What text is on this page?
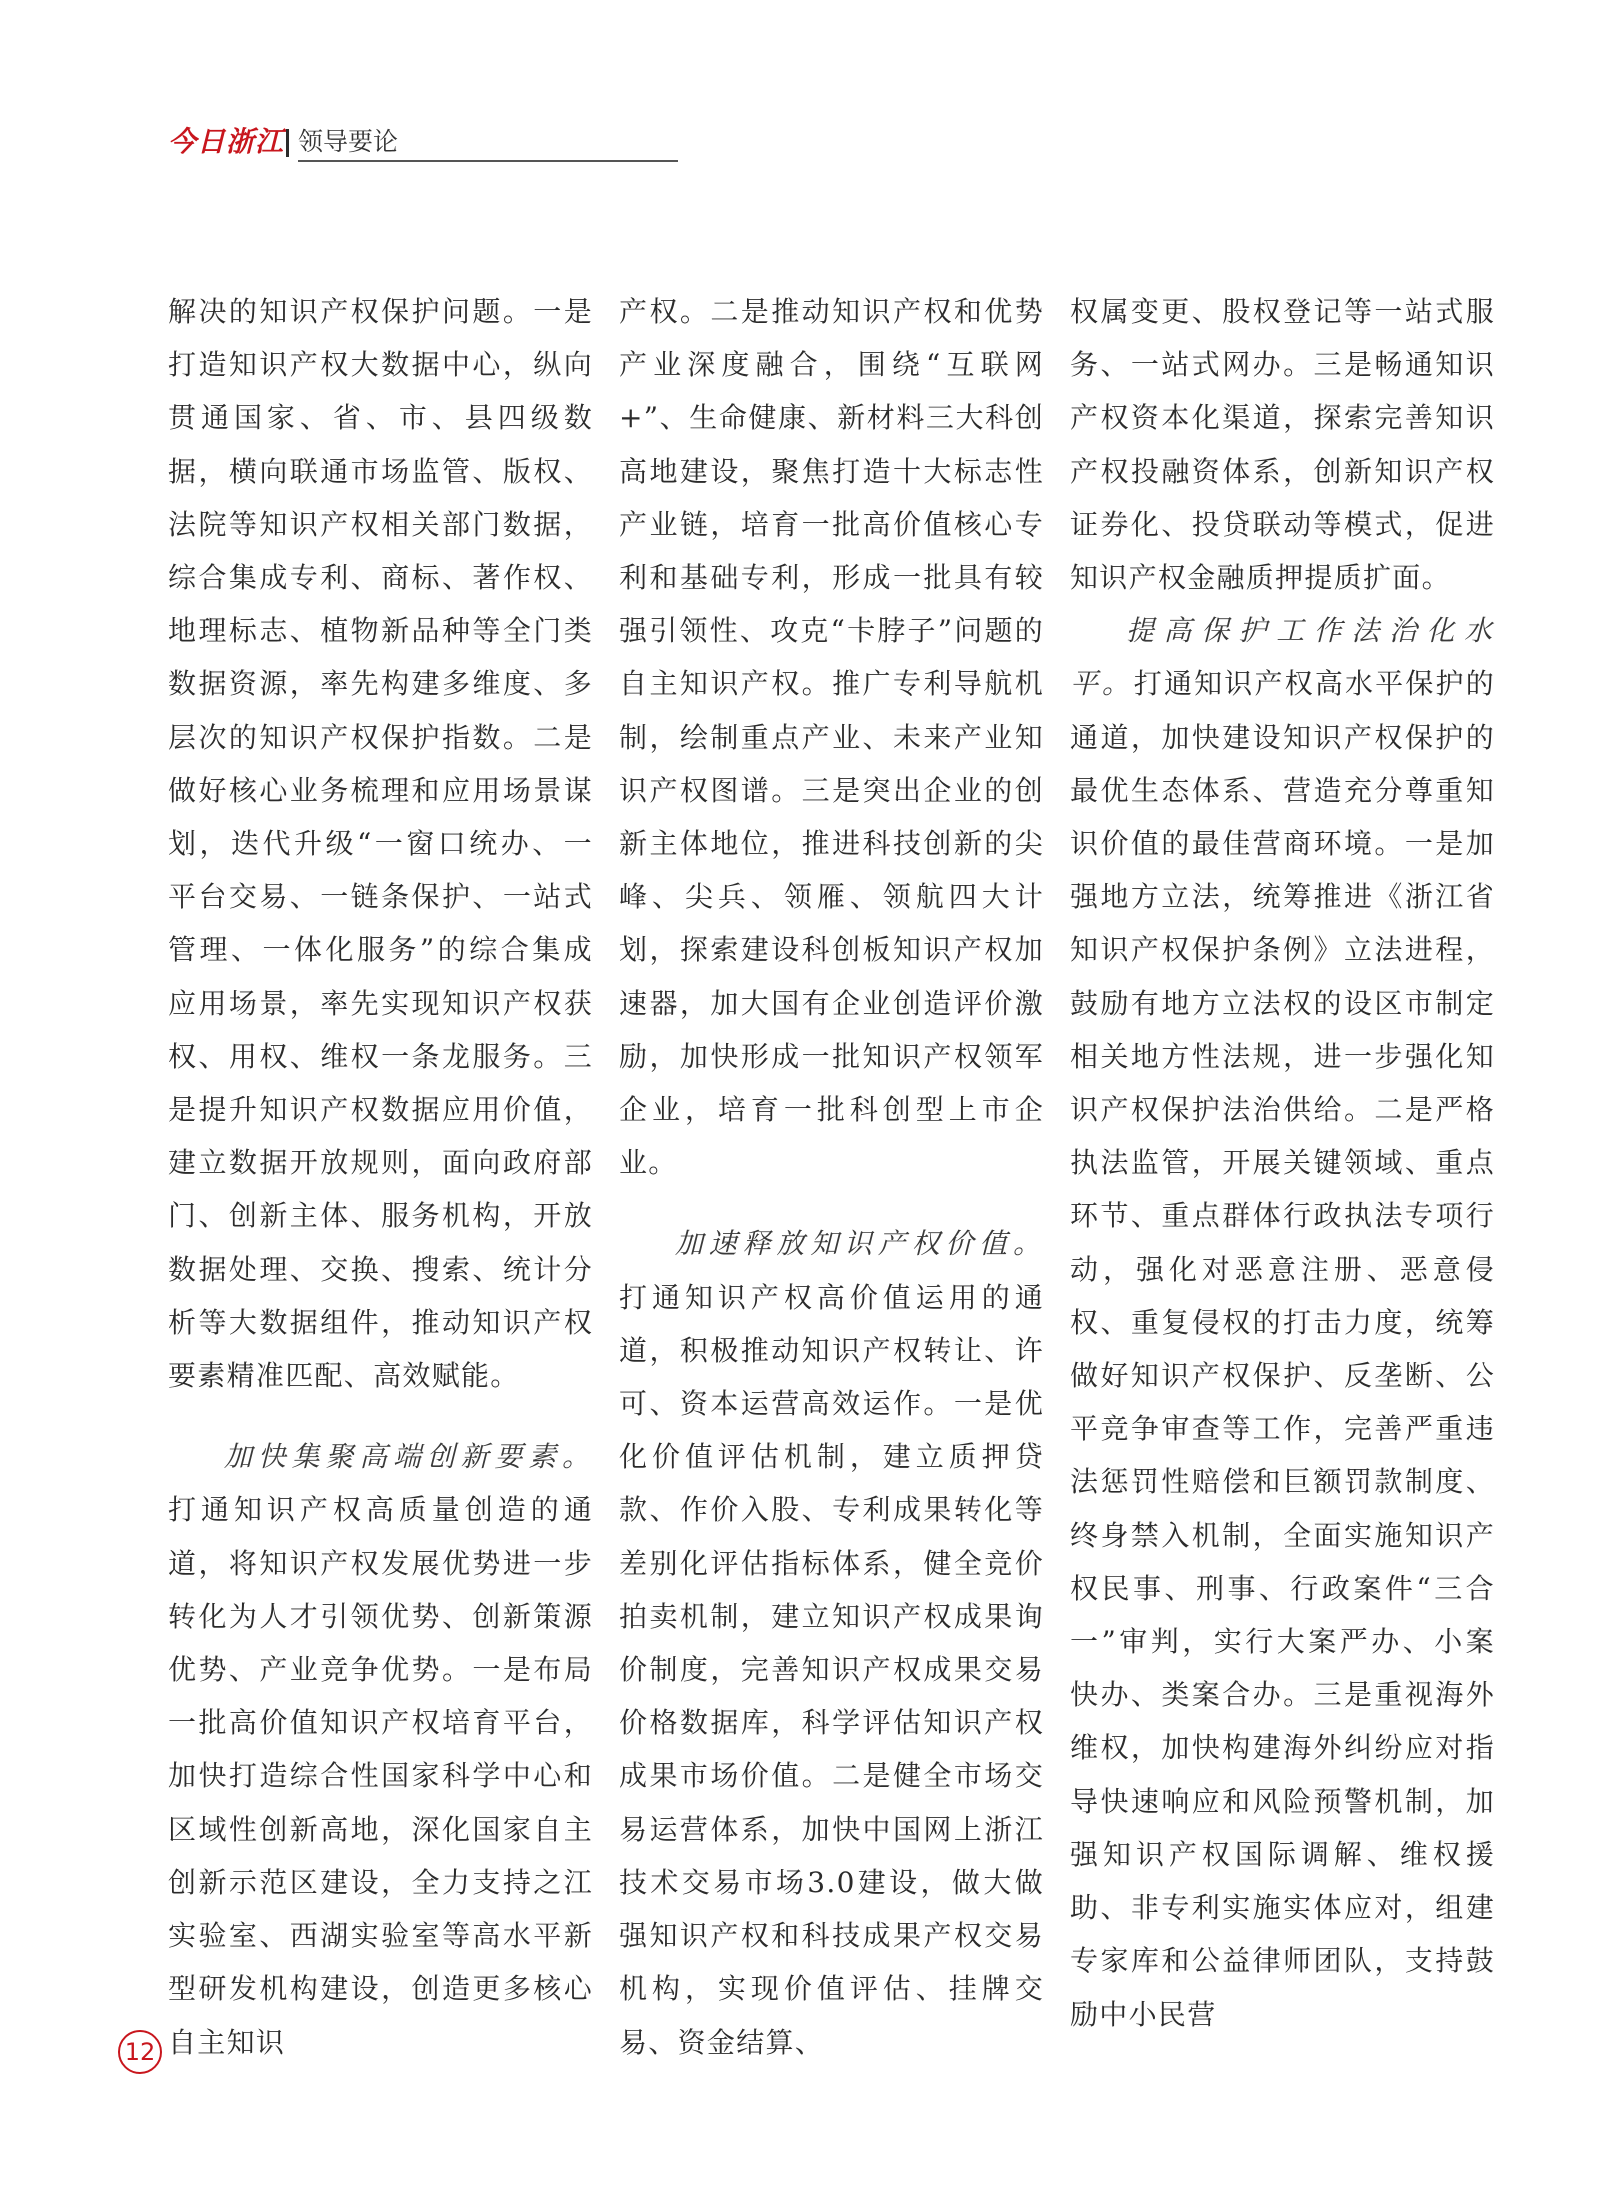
今日浙江 领导要论

解决的知识产权保护问题。一是打造知识产权大数据中心，纵向贯通国家、省、市、县四级数据，横向联通市场监管、版权、法院等知识产权相关部门数据，综合集成专利、商标、著作权、地理标志、植物新品种等全门类数据资源，率先构建多维度、多层次的知识产权保护指数。二是做好核心业务梳理和应用场景谋划，迭代升级“一窗口统办、一平台交易、一链条保护、一站式管理、一体化服务”的综合集成应用场景，率先实现知识产权获权、用权、维权一条龙服务。三是提升知识产权数据应用价值，建立数据开放规则，面向政府部门、创新主体、服务机构，开放数据处理、交换、搜索、统计分析等大数据组件，推动知识产权要素精准匹配、高效赋能。

加快集聚高端创新要素。打通知识产权高质量创造的通道，将知识产权发展优势进一步转化为人才引领优势、创新策源优势、产业竞争优势。一是布局一批高价值知识产权培育平台，加快打造综合性国家科学中心和区域性创新高地，深化国家自主创新示范区建设，全力支持之江实验室、西湖实验室等高水平新型研发机构建设，创造更多核心自主知识

产权。二是推动知识产权和优势产业深度融合，围绕“互联网+”、生命健康、新材料三大科创高地建设，聚焦打造十大标志性产业链，培育一批高价值核心专利和基础专利，形成一批具有较强引领性、攻克“卡脖子”问题的自主知识产权。推广专利导航机制，绘制重点产业、未来产业知识产权图谱。三是突出企业的创新主体地位，推进科技创新的尖峰、尖兵、领雁、领航四大计划，探索建设科创板知识产权加速器，加大国有企业创造评价激励，加快形成一批知识产权领军企业，培育一批科创型上市企业。

加速释放知识产权价值。打通知识产权高价值运用的通道，积极推动知识产权转让、许可、资本运营高效运作。一是优化价值评估机制，建立质押贷款、作价入股、专利成果转化等差别化评估指标体系，健全竞价拍卖机制，建立知识产权成果询价制度，完善知识产权成果交易价格数据库，科学评估知识产权成果市场价值。二是健全市场交易运营体系，加快中国网上浙江技术交易市场3.0建设，做大做强知识产权和科技成果产权交易机构，实现价值评估、挂牌交易、资金结算、

权属变更、股权登记等一站式服务、一站式网办。三是畅通知识产权资本化渠道，探索完善知识产权投融资体系，创新知识产权证券化、投贷联动等模式，促进知识产权金融质押提质扩面。

提高保护工作法治化水平。打通知识产权高水平保护的通道，加快建设知识产权保护的最优生态体系、营造充分尊重知识价值的最佳营商环境。一是加强地方立法，统筹推进《浙江省知识产权保护条例》立法进程，鼓励有地方立法权的设区市制定相关地方性法规，进一步强化知识产权保护法治供给。二是严格执法监管，开展关键领域、重点环节、重点群体行政执法专项行动，强化对恶意注册、恶意侵权、重复侵权的打击力度，统筹做好知识产权保护、反垄断、公平竞争审查等工作，完善严重违法惩罚性赔偿和巨额罚款制度、终身禁入机制，全面实施知识产权民事、刑事、行政案件“三合一”审判，实行大案严办、小案快办、类案合办。三是重视海外维权，加快构建海外纠纷应对指导快速响应和风险预警机制，加强知识产权国际调解、维权援助、非专利实施实体应对，组建专家库和公益律师团队，支持鼓励中小民营

12
